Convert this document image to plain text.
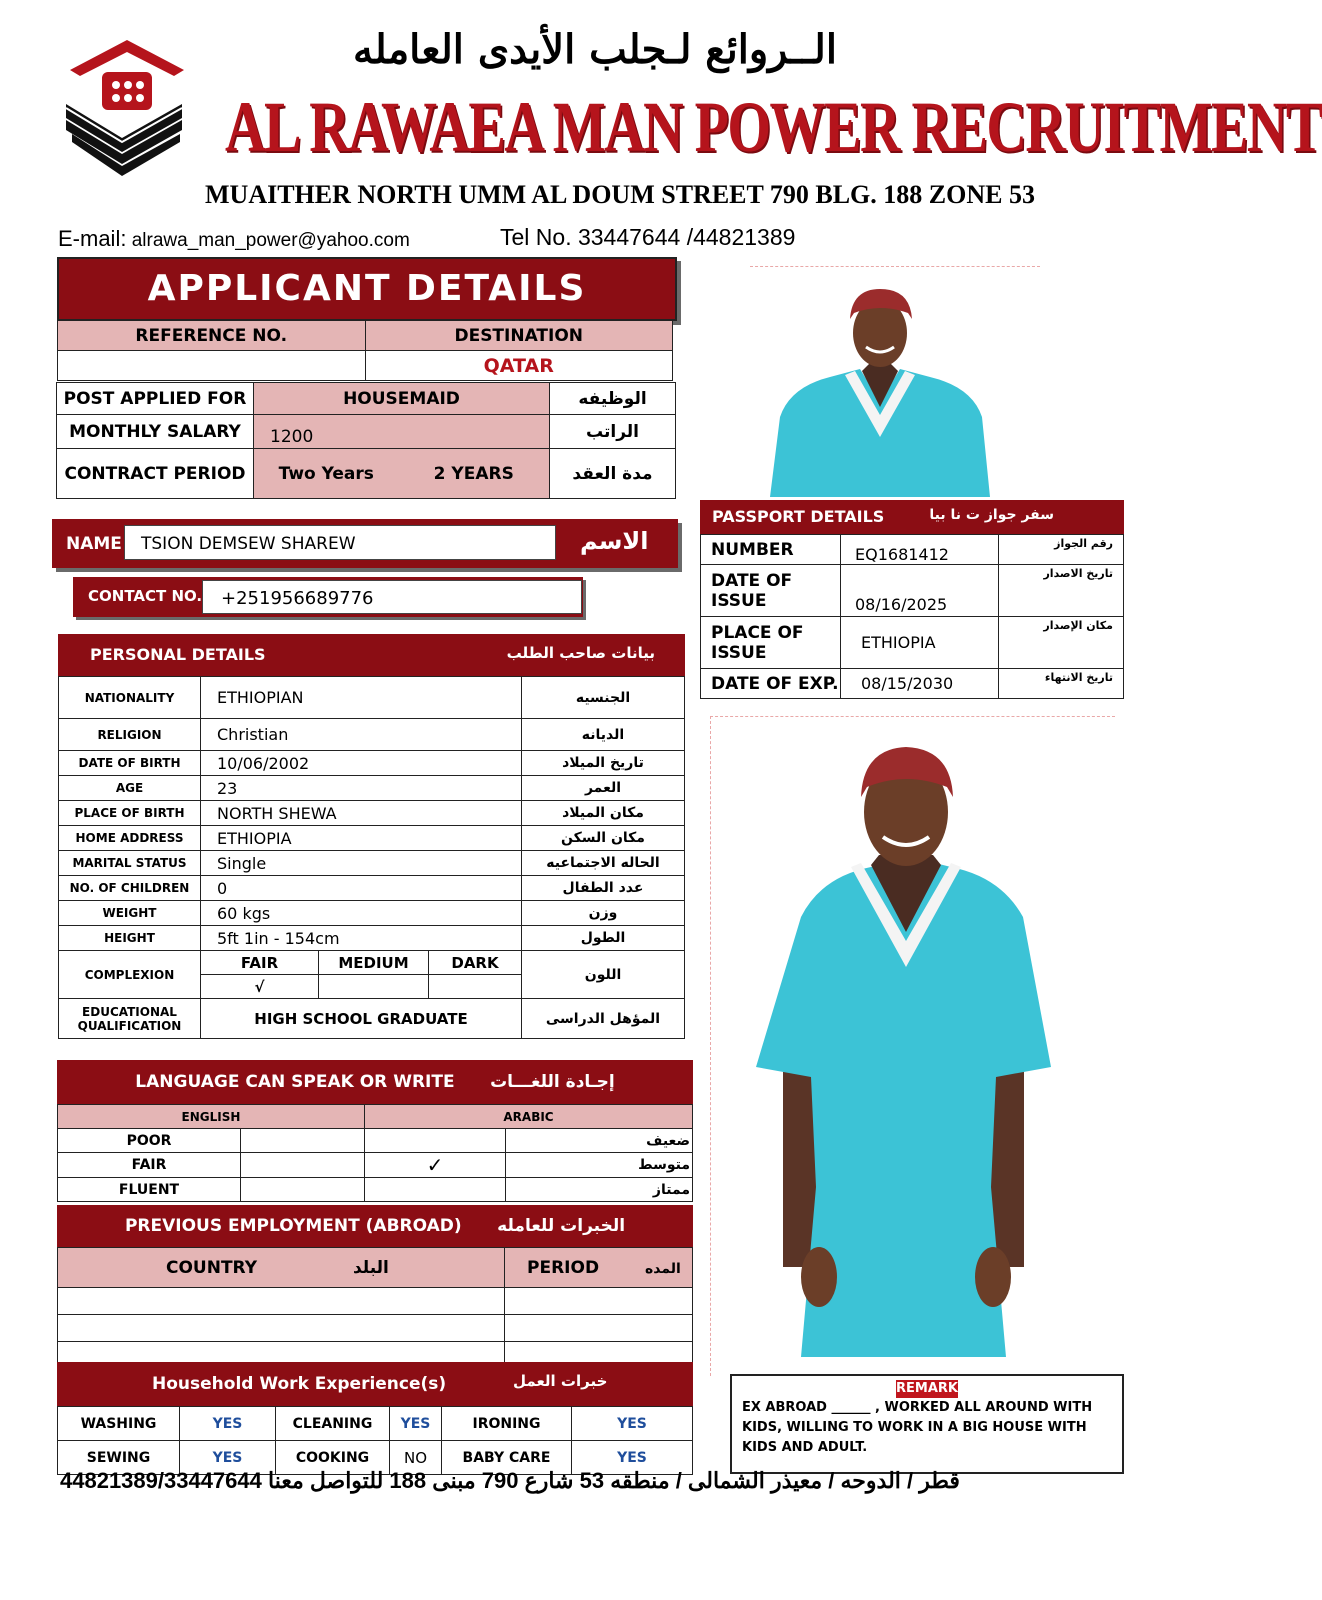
الــروائع لـجلب الأيدى العامله
AL RAWAEA MAN POWER RECRUITMENT
MUAITHER NORTH UMM AL DOUM STREET 790 BLG. 188 ZONE 53
E-mail: alrawa_man_power@yahoo.com	Tel No. 33447644 /44821389
APPLICANT DETAILS
REFERENCE NO.	DESTINATION
	QATAR
POST APPLIED FOR	HOUSEMAID		الوظيفه
MONTHLY SALARY	1200		الراتب
CONTRACT PERIOD	Two Years	2 YEARS	مدة العقد
NAME	TSION DEMSEW SHAREW	الاسم
CONTACT NO.	+251956689776
PERSONAL DETAILS	بيانات صاحب الطلب
NATIONALITY	ETHIOPIAN			الجنسيه
RELIGION	Christian			الديانه
DATE OF BIRTH	10/06/2002			تاريخ الميلاد
AGE	23			العمر
PLACE OF BIRTH	NORTH SHEWA			مكان الميلاد
HOME ADDRESS	ETHIOPIA			مكان السكن
MARITAL STATUS	Single			الحاله الاجتماعيه
NO. OF CHILDREN	0			عدد الطفال
WEIGHT	60 kgs			وزن
HEIGHT	5ft 1in - 154cm			الطول
COMPLEXION	FAIR	MEDIUM	DARK	اللون
	√			
EDUCATIONAL QUALIFICATION	HIGH SCHOOL GRADUATE			المؤهل الدراسى
LANGUAGE CAN SPEAK OR WRITE إجـادة اللغـــات
ENGLISH		ARABIC	
POOR			ضعيف
FAIR		✓	متوسط
FLUENT			ممتاز
PREVIOUS EMPLOYMENT (ABROAD) الخبرات للعامله
COUNTRY البلد	PERIOD المده

Household Work Experience(s)	خبرات العمل
WASHING	YES	CLEANING	YES	IRONING	YES
SEWING	YES	COOKING	NO	BABY CARE	YES
PASSPORT DETAILS	سفر جواز ت نا بيا
NUMBER	EQ1681412	رقم الجواز
DATE OF ISSUE	08/16/2025	تاريخ الاصدار
PLACE OF ISSUE	ETHIOPIA	مكان الإصدار
DATE OF EXP.	08/15/2030	تاريخ الانتهاء
REMARK
EX ABROAD ______ , WORKED ALL AROUND WITH KIDS, WILLING TO WORK IN A BIG HOUSE WITH KIDS AND ADULT.
قطر / الدوحه / معيذر الشمالى / منطقه 53 شارع 790 مبنى 188 للتواصل معنا 44821389/33447644
